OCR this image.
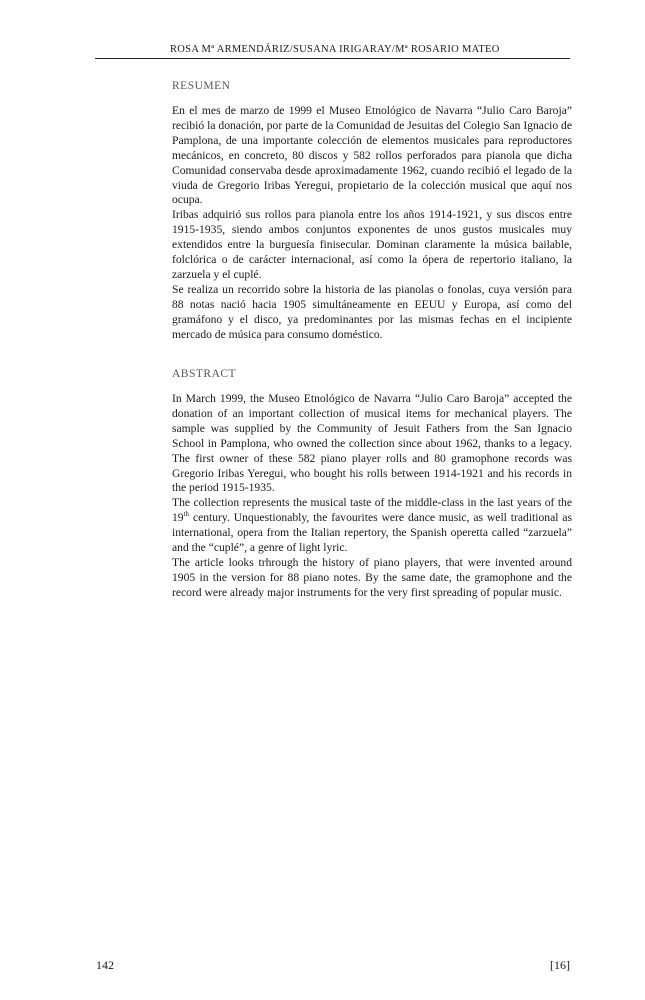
ROSA Mª ARMENDÁRIZ/SUSANA IRIGARAY/Mª ROSARIO MATEO
RESUMEN

En el mes de marzo de 1999 el Museo Etnológico de Navarra “Julio Caro Baroja” recibió la donación, por parte de la Comunidad de Jesuitas del Colegio San Ignacio de Pamplona, de una importante colección de elementos musicales para reproductores mecánicos, en concreto, 80 discos y 582 rollos perforados para pianola que dicha Comunidad conservaba desde aproximadamente 1962, cuando recibió el legado de la viuda de Gregorio Iribas Yeregui, propietario de la colección musical que aquí nos ocupa.

Iribas adquirió sus rollos para pianola entre los años 1914-1921, y sus discos entre 1915-1935, siendo ambos conjuntos exponentes de unos gustos musicales muy extendidos entre la burguesía finisecular. Dominan claramente la música bailable, folclórica o de carácter internacional, así como la ópera de repertorio italiano, la zarzuela y el cuplé.

Se realiza un recorrido sobre la historia de las pianolas o fonolas, cuya versión para 88 notas nació hacia 1905 simultáneamente en EEUU y Europa, así como del gramáfono y el disco, ya predominantes por las mismas fechas en el incipiente mercado de música para consumo doméstico.

ABSTRACT

In March 1999, the Museo Etnológico de Navarra “Julio Caro Baroja” accepted the donation of an important collection of musical items for mechanical players. The sample was supplied by the Community of Jesuit Fathers from the San Ignacio School in Pamplona, who owned the collection since about 1962, thanks to a legacy. The first owner of these 582 piano player rolls and 80 gramophone records was Gregorio Iribas Yeregui, who bought his rolls between 1914-1921 and his records in the period 1915-1935.

The collection represents the musical taste of the middle-class in the last years of the 19th century. Unquestionably, the favourites were dance music, as well traditional as international, opera from the Italian repertory, the Spanish operetta called “zarzuela” and the “cuplé”, a genre of light lyric.

The article looks trhrough the history of piano players, that were invented around 1905 in the version for 88 piano notes. By the same date, the gramophone and the record were already major instruments for the very first spreading of popular music.

142	[16]
